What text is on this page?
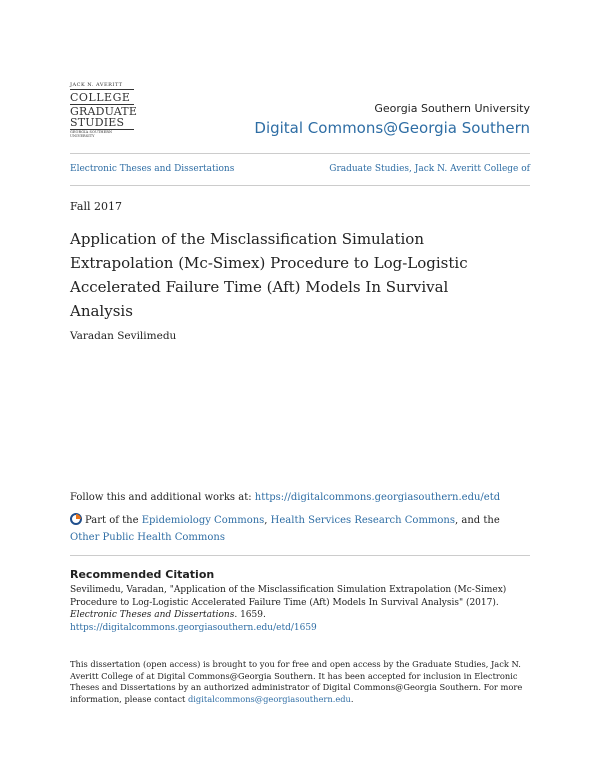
JACK N. AVERITT
COLLEGE
GRADUATE
STUDIES
GEORGIA SOUTHERN UNIVERSITY
Georgia Southern University
Digital Commons@Georgia Southern
Electronic Theses and Dissertations	Graduate Studies, Jack N. Averitt College of
Fall 2017
Application of the Misclassification Simulation Extrapolation (Mc-Simex) Procedure to Log-Logistic Accelerated Failure Time (Aft) Models In Survival Analysis
Varadan Sevilimedu
Follow this and additional works at: https://digitalcommons.georgiasouthern.edu/etd
Part of the Epidemiology Commons, Health Services Research Commons, and the Other Public Health Commons
Recommended Citation
Sevilimedu, Varadan, "Application of the Misclassification Simulation Extrapolation (Mc-Simex) Procedure to Log-Logistic Accelerated Failure Time (Aft) Models In Survival Analysis" (2017). Electronic Theses and Dissertations. 1659.
https://digitalcommons.georgiasouthern.edu/etd/1659
This dissertation (open access) is brought to you for free and open access by the Graduate Studies, Jack N. Averitt College of at Digital Commons@Georgia Southern. It has been accepted for inclusion in Electronic Theses and Dissertations by an authorized administrator of Digital Commons@Georgia Southern. For more information, please contact digitalcommons@georgiasouthern.edu.
